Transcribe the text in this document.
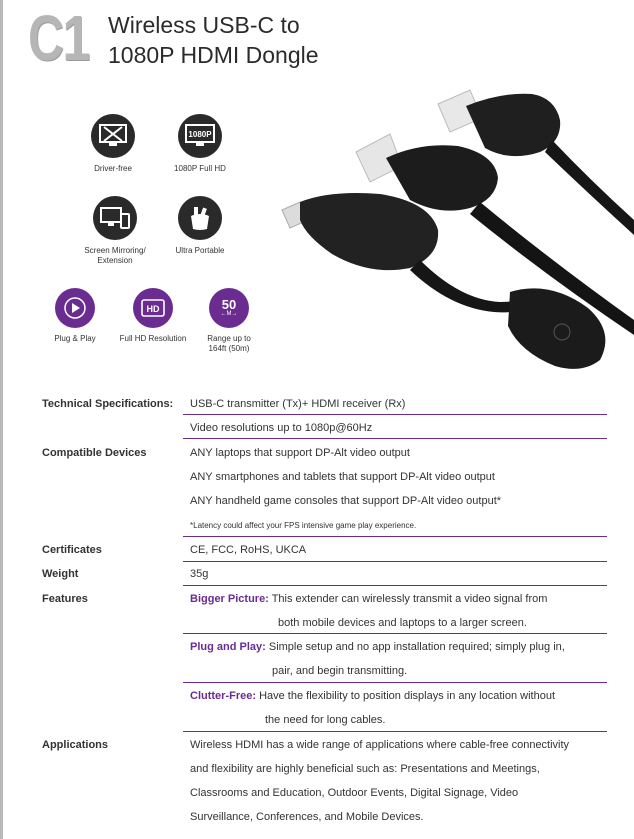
C1 Wireless USB-C to
1080P HDMI Dongle
Driver-free
1080P
1080P Full HD
Screen Mirroring/
Extension
Ultra Portable
Plug & Play
HD
Full HD Resolution
50
←M→
Range up to
164ft (50m)
Technical Specifications: USB-C transmitter (Tx)+ HDMI receiver (Rx)
Video resolutions up to 1080p@60Hz
Compatible Devices	ANY laptops that support DP-Alt video output
ANY smartphones and tablets that support DP-Alt video output
ANY handheld game consoles that support DP-Alt video output*
*Latency could affect your FPS intensive game play experience.
Certificates	CE, FCC, RoHS, UKCA
Weight	35g
Features	Bigger Picture: This extender can wirelessly transmit a video signal from
both mobile devices and laptops to a larger screen.
Plug and Play: Simple setup and no app installation required; simply plug in,
pair, and begin transmitting.
Clutter-Free: Have the flexibility to position displays in any location without
the need for long cables.
Applications	Wireless HDMI has a wide range of applications where cable-free connectivity
and flexibility are highly beneficial such as: Presentations and Meetings,
Classrooms and Education, Outdoor Events, Digital Signage, Video
Surveillance, Conferences, and Mobile Devices.
